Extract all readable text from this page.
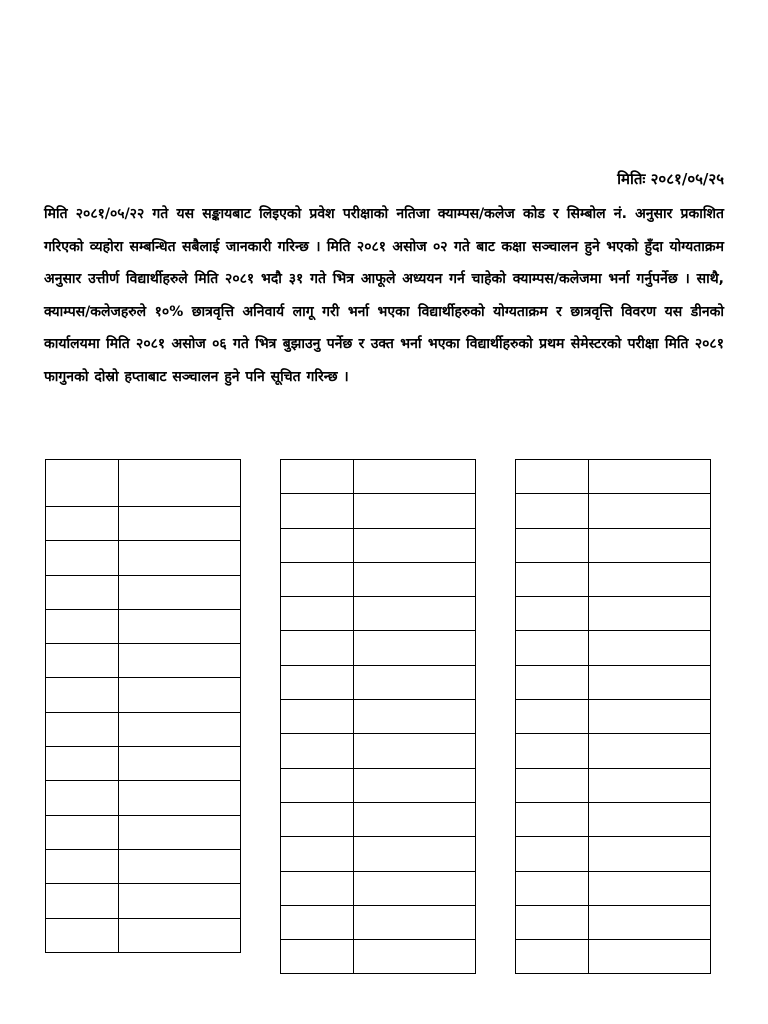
मितिः २०८१/०५/२५

मिति २०८१/०५/२२ गते यस सङ्कायबाट लिइएको प्रवेश परीक्षाको नतिजा क्याम्पस/कलेज कोड र सिम्बोल नं. अनुसार प्रकाशित गरिएको व्यहोरा सम्बन्धित सबैलाई जानकारी गरिन्छ । मिति २०८१ असोज ०२ गते बाट कक्षा सञ्चालन हुने भएको हुँदा योग्यताक्रम अनुसार उत्तीर्ण विद्यार्थीहरुले मिति २०८१ भदौ ३१ गते भित्र आफूले अध्ययन गर्न चाहेको क्याम्पस/कलेजमा भर्ना गर्नुपर्नेछ । साथै, क्याम्पस/कलेजहरुले १०% छात्रवृत्ति अनिवार्य लागू गरी भर्ना भएका विद्यार्थीहरुको योग्यताक्रम र छात्रवृत्ति विवरण यस डीनको कार्यालयमा मिति २०८१ असोज ०६ गते भित्र बुझाउनु पर्नेछ र उक्त भर्ना भएका विद्यार्थीहरुको प्रथम सेमेस्टरको परीक्षा मिति २०८१ फागुनको दोस्रो हप्ताबाट सञ्चालन हुने पनि सूचित गरिन्छ ।
